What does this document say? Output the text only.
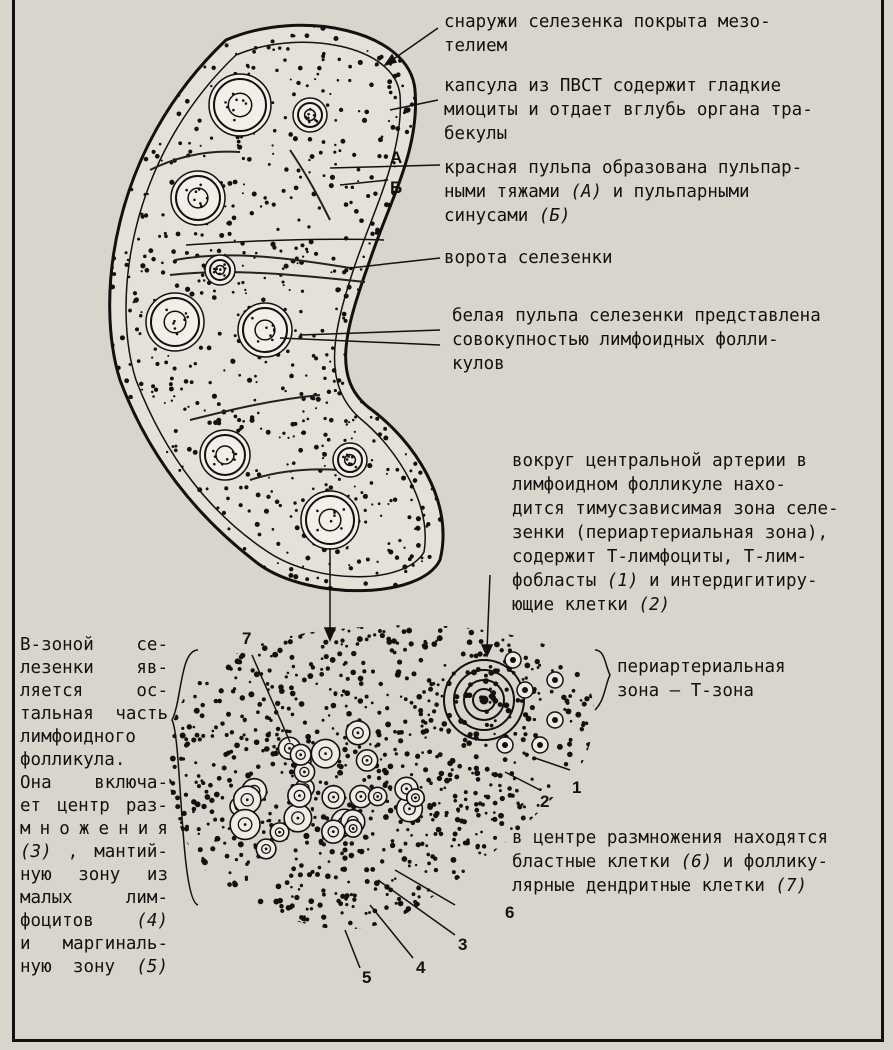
снаружи селезенка покрыта мезо-
телием
капсула из ПВСТ содержит гладкие
миоциты и отдает вглубь органа тра-
бекулы
красная пульпа образована пульпар-
ными тяжами (А) и пульпарными
синусами (Б)
ворота селезенки
белая пульпа селезенки представлена
совокупностью лимфоидных фолли-
кулов
вокруг центральной артерии в
лимфоидном фолликуле нахо-
дится тимусзависимая зона селе-
зенки (периартериальная зона),
содержит Т-лимфоциты, Т-лим-
фобласты (1) и интердигитиру-
ющие клетки (2)
периартериальная
зона — Т-зона
в центре размножения находятся
бластные клетки (6) и фоллику-
лярные дендритные клетки (7)
В-зоной се-
лезенки яв-
ляется	ос-
тальная часть
лимфоидного
фолликула.
Она включа-
ет центр раз-
м н о ж е н и я
(3) , мантий-
ную зону из
малых	лим-
фоцитов (4)
и маргиналь-
ную зону (5)
А
Б
1
2
3
4
5
6
7
